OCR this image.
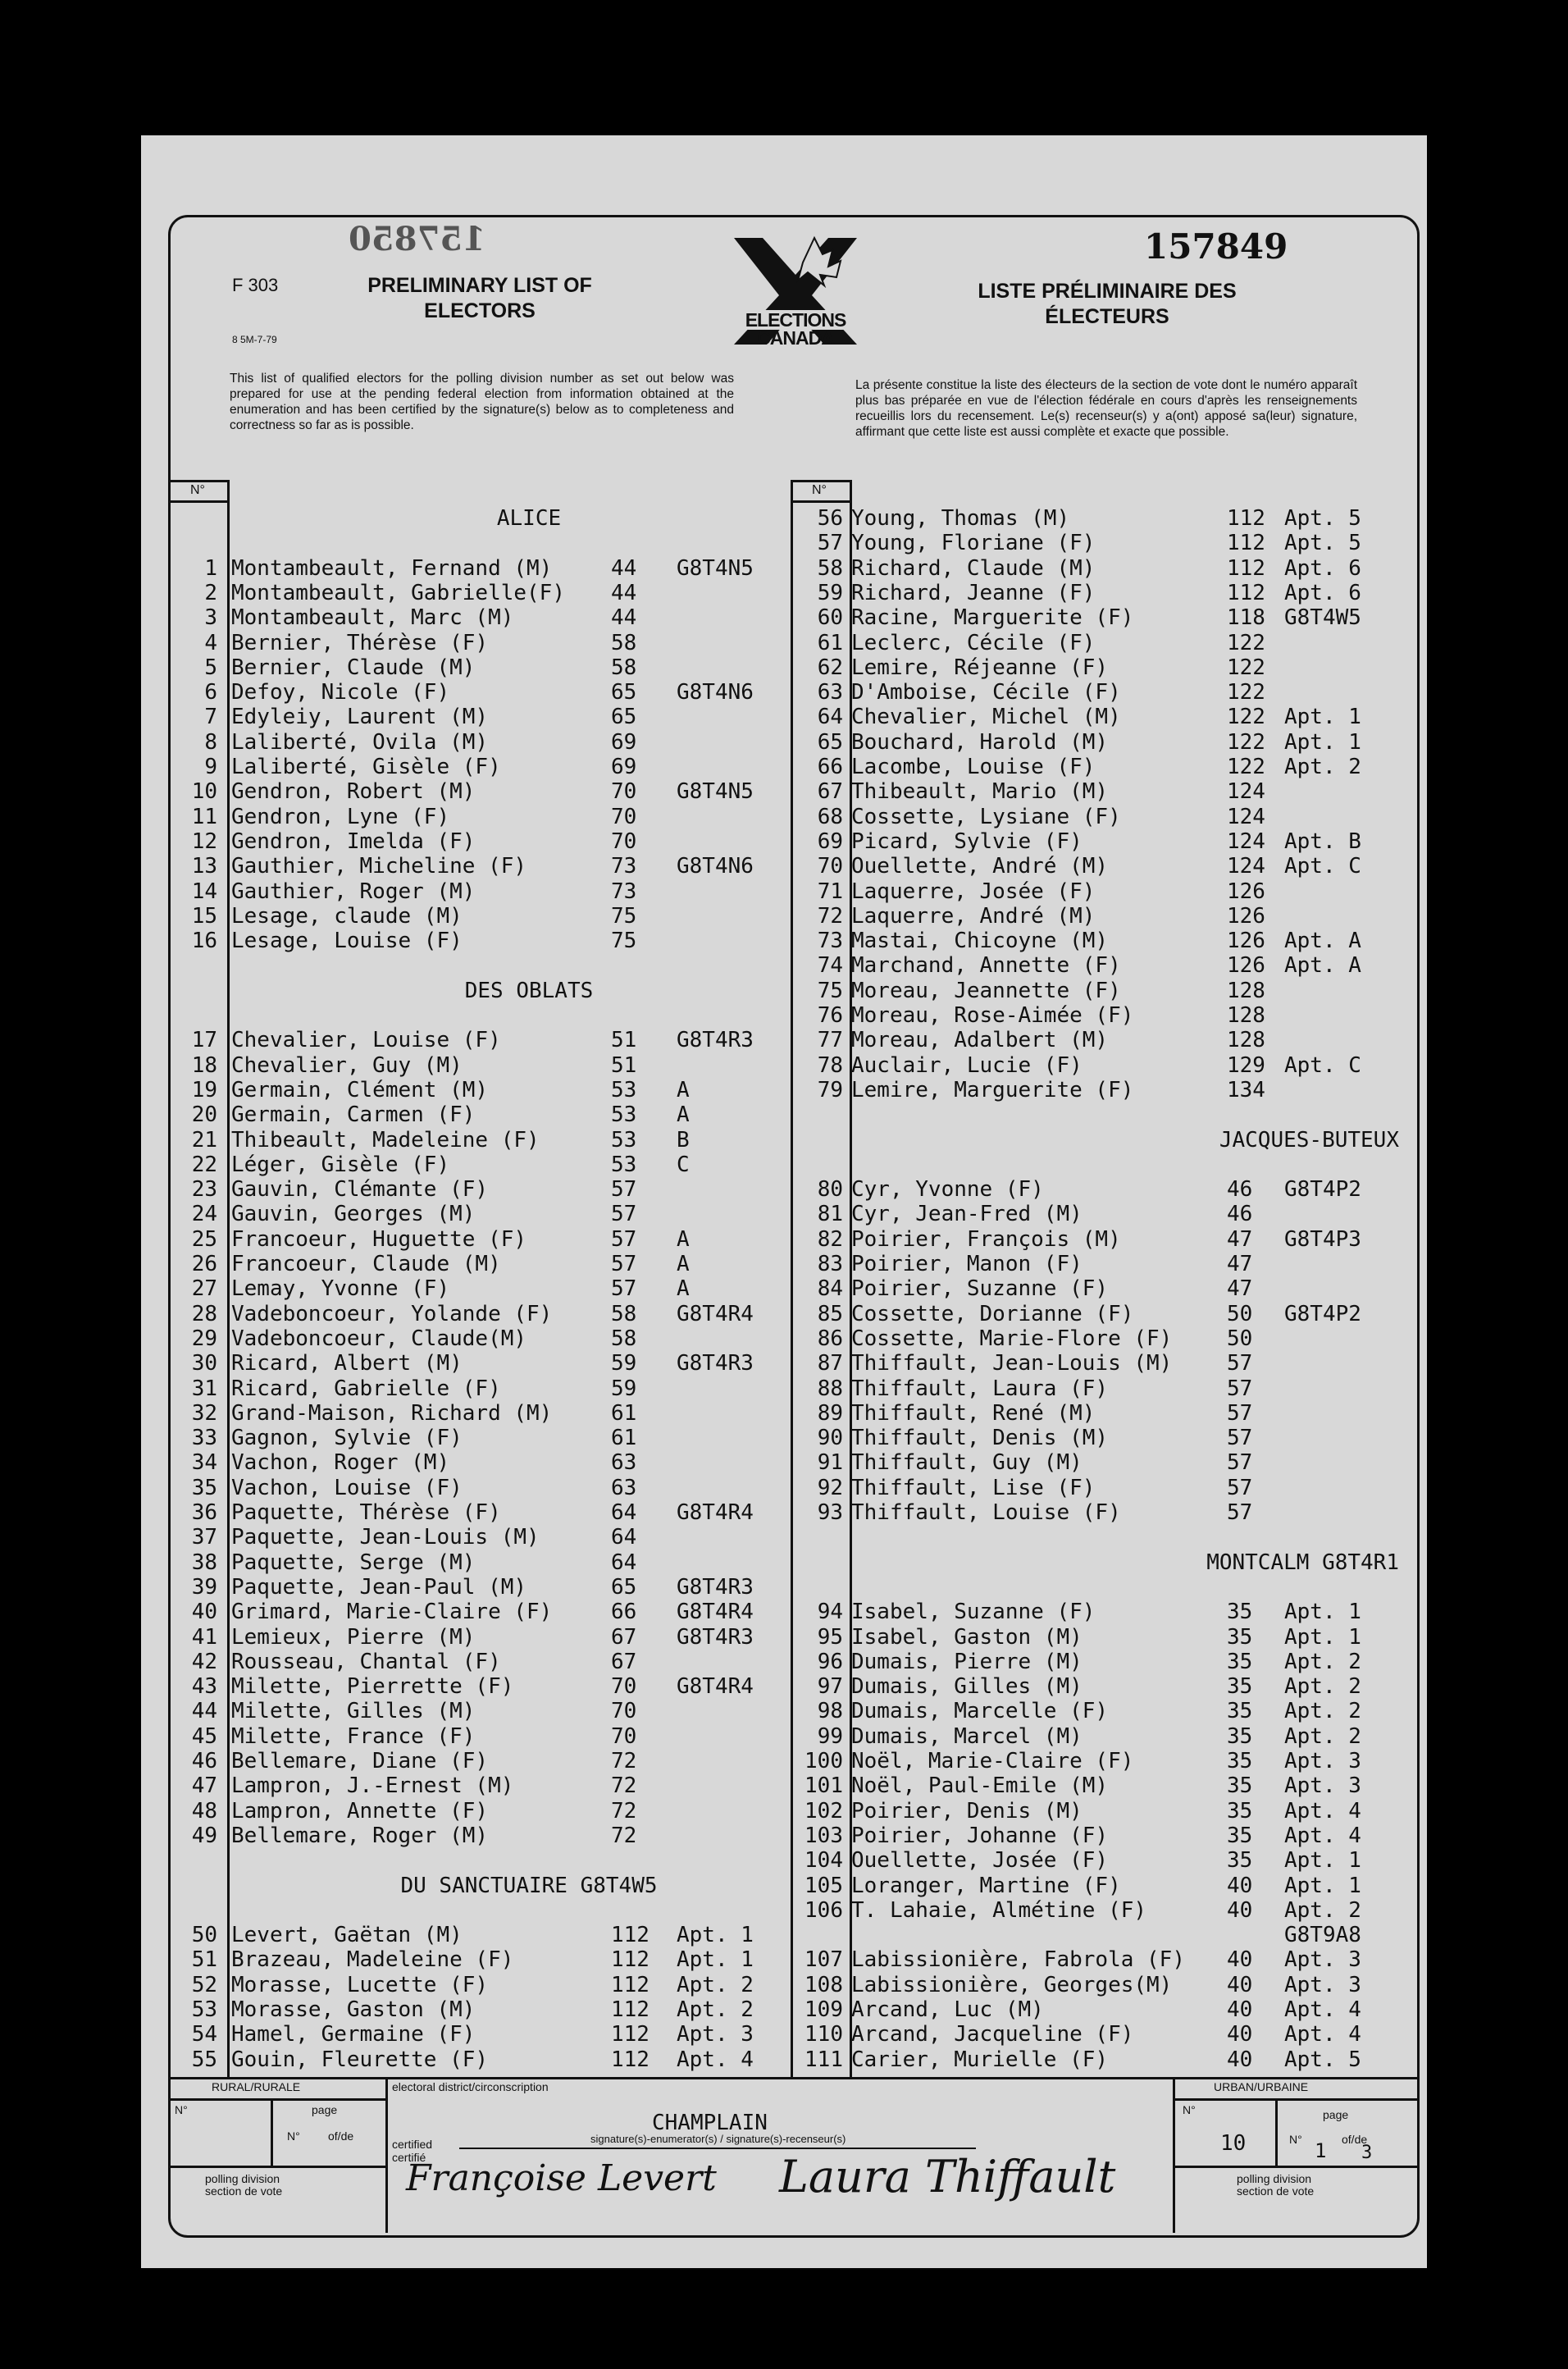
157850	157849
F 303
8 5M-7-79
PRELIMINARY LIST OF ELECTORS
LISTE PRÉLIMINAIRE DES ÉLECTEURS
ELECTIONS
CANADA
This list of qualified electors for the polling division number as set out below was prepared for use at the pending federal election from information obtained at the enumeration and has been certified by the signature(s) below as to completeness and correctness so far as is possible.
La présente constitue la liste des électeurs de la section de vote dont le numéro apparaît plus bas préparée en vue de l'élection fédérale en cours d'après les renseignements recueillis lors du recensement. Le(s) recenseur(s) y a(ont) apposé sa(leur) signature, affirmant que cette liste est aussi complète et exacte que possible.
N°	N°
ALICE
1 Montambeault, Fernand (M)	44 G8T4N5
2 Montambeault, Gabrielle(F) 44
3 Montambeault, Marc (M)	44
4 Bernier, Thérèse (F)	58
5 Bernier, Claude (M)	58
6 Defoy, Nicole (F)	65 G8T4N6
7 Edyleiy, Laurent (M)	65
8 Laliberté, Ovila (M)	69
9 Laliberté, Gisèle (F)	69
10 Gendron, Robert (M)	70 G8T4N5
11 Gendron, Lyne (F)	70
12 Gendron, Imelda (F)	70
13 Gauthier, Micheline (F)	73 G8T4N6
14 Gauthier, Roger (M)	73
15 Lesage, claude (M)	75
16 Lesage, Louise (F)	75
DES OBLATS
17 Chevalier, Louise (F)	51 G8T4R3
18 Chevalier, Guy (M)	51
19 Germain, Clément (M)	53 A
20 Germain, Carmen (F)	53 A
21 Thibeault, Madeleine (F)	53 B
22 Léger, Gisèle (F)	53 C
23 Gauvin, Clémante (F)	57
24 Gauvin, Georges (M)	57
25 Francoeur, Huguette (F)	57 A
26 Francoeur, Claude (M)	57 A
27 Lemay, Yvonne (F)	57 A
28 Vadeboncoeur, Yolande (F)	58 G8T4R4
29 Vadeboncoeur, Claude(M)	58
30 Ricard, Albert (M)	59 G8T4R3
31 Ricard, Gabrielle (F)	59
32 Grand-Maison, Richard (M)	61
33 Gagnon, Sylvie (F)	61
34 Vachon, Roger (M)	63
35 Vachon, Louise (F)	63
36 Paquette, Thérèse (F)	64 G8T4R4
37 Paquette, Jean-Louis (M)	64
38 Paquette, Serge (M)	64
39 Paquette, Jean-Paul (M)	65 G8T4R3
40 Grimard, Marie-Claire (F)	66 G8T4R4
41 Lemieux, Pierre (M)	67 G8T4R3
42 Rousseau, Chantal (F)	67
43 Milette, Pierrette (F)	70 G8T4R4
44 Milette, Gilles (M)	70
45 Milette, France (F)	70
46 Bellemare, Diane (F)	72
47 Lampron, J.-Ernest (M)	72
48 Lampron, Annette (F)	72
49 Bellemare, Roger (M)	72
DU SANCTUAIRE G8T4W5
50 Levert, Gaëtan (M)	112 Apt. 1
51 Brazeau, Madeleine (F)	112 Apt. 1
52 Morasse, Lucette (F)	112 Apt. 2
53 Morasse, Gaston (M)	112 Apt. 2
54 Hamel, Germaine (F)	112 Apt. 3
55 Gouin, Fleurette (F)	112 Apt. 4
56 Young, Thomas (M)	112 Apt. 5
57 Young, Floriane (F)	112 Apt. 5
58 Richard, Claude (M)	112 Apt. 6
59 Richard, Jeanne (F)	112 Apt. 6
60 Racine, Marguerite (F)	118 G8T4W5
61 Leclerc, Cécile (F)	122
62 Lemire, Réjeanne (F)	122
63 D'Amboise, Cécile (F)	122
64 Chevalier, Michel (M)	122 Apt. 1
65 Bouchard, Harold (M)	122 Apt. 1
66 Lacombe, Louise (F)	122 Apt. 2
67 Thibeault, Mario (M)	124
68 Cossette, Lysiane (F)	124
69 Picard, Sylvie (F)	124 Apt. B
70 Ouellette, André (M)	124 Apt. C
71 Laquerre, Josée (F)	126
72 Laquerre, André (M)	126
73 Mastai, Chicoyne (M)	126 Apt. A
74 Marchand, Annette (F)	126 Apt. A
75 Moreau, Jeannette (F)	128
76 Moreau, Rose-Aimée (F)	128
77 Moreau, Adalbert (M)	128
78 Auclair, Lucie (F)	129 Apt. C
79 Lemire, Marguerite (F)	134
JACQUES-BUTEUX
80 Cyr, Yvonne (F)	46 G8T4P2
81 Cyr, Jean-Fred (M)	46
82 Poirier, François (M)	47 G8T4P3
83 Poirier, Manon (F)	47
84 Poirier, Suzanne (F)	47
85 Cossette, Dorianne (F)	50 G8T4P2
86 Cossette, Marie-Flore (F)	50
87 Thiffault, Jean-Louis (M)	57
88 Thiffault, Laura (F)	57
89 Thiffault, René (M)	57
90 Thiffault, Denis (M)	57
91 Thiffault, Guy (M)	57
92 Thiffault, Lise (F)	57
93 Thiffault, Louise (F)	57
MONTCALM G8T4R1
94 Isabel, Suzanne (F)	35 Apt. 1
95 Isabel, Gaston (M)	35 Apt. 1
96 Dumais, Pierre (M)	35 Apt. 2
97 Dumais, Gilles (M)	35 Apt. 2
98 Dumais, Marcelle (F)	35 Apt. 2
99 Dumais, Marcel (M)	35 Apt. 2
100 Noël, Marie-Claire (F)	35 Apt. 3
101 Noël, Paul-Emile (M)	35 Apt. 3
102 Poirier, Denis (M)	35 Apt. 4
103 Poirier, Johanne (F)	35 Apt. 4
104 Ouellette, Josée (F)	35 Apt. 1
105 Loranger, Martine (F)	40 Apt. 1
106 T. Lahaie, Almétine (F)	40 Apt. 2
G8T9A8
107 Labissionière, Fabrola (F) 40 Apt. 3
108 Labissionière, Georges(M)	40 Apt. 3
109 Arcand, Luc (M)	40 Apt. 4
110 Arcand, Jacqueline (F)	40 Apt. 4
111 Carier, Murielle (F)	40 Apt. 5
RURAL/RURALE	URBAN/URBAINE
N°	page
N° of/de
polling division
section de vote
electoral district/circonscription
CHAMPLAIN
certified
certifié
signature(s)-enumerator(s) / signature(s)-recenseur(s)
Françoise Levert Laura Thiffault
N°	page
10	N° 1 of/de
3
polling division
section de vote
